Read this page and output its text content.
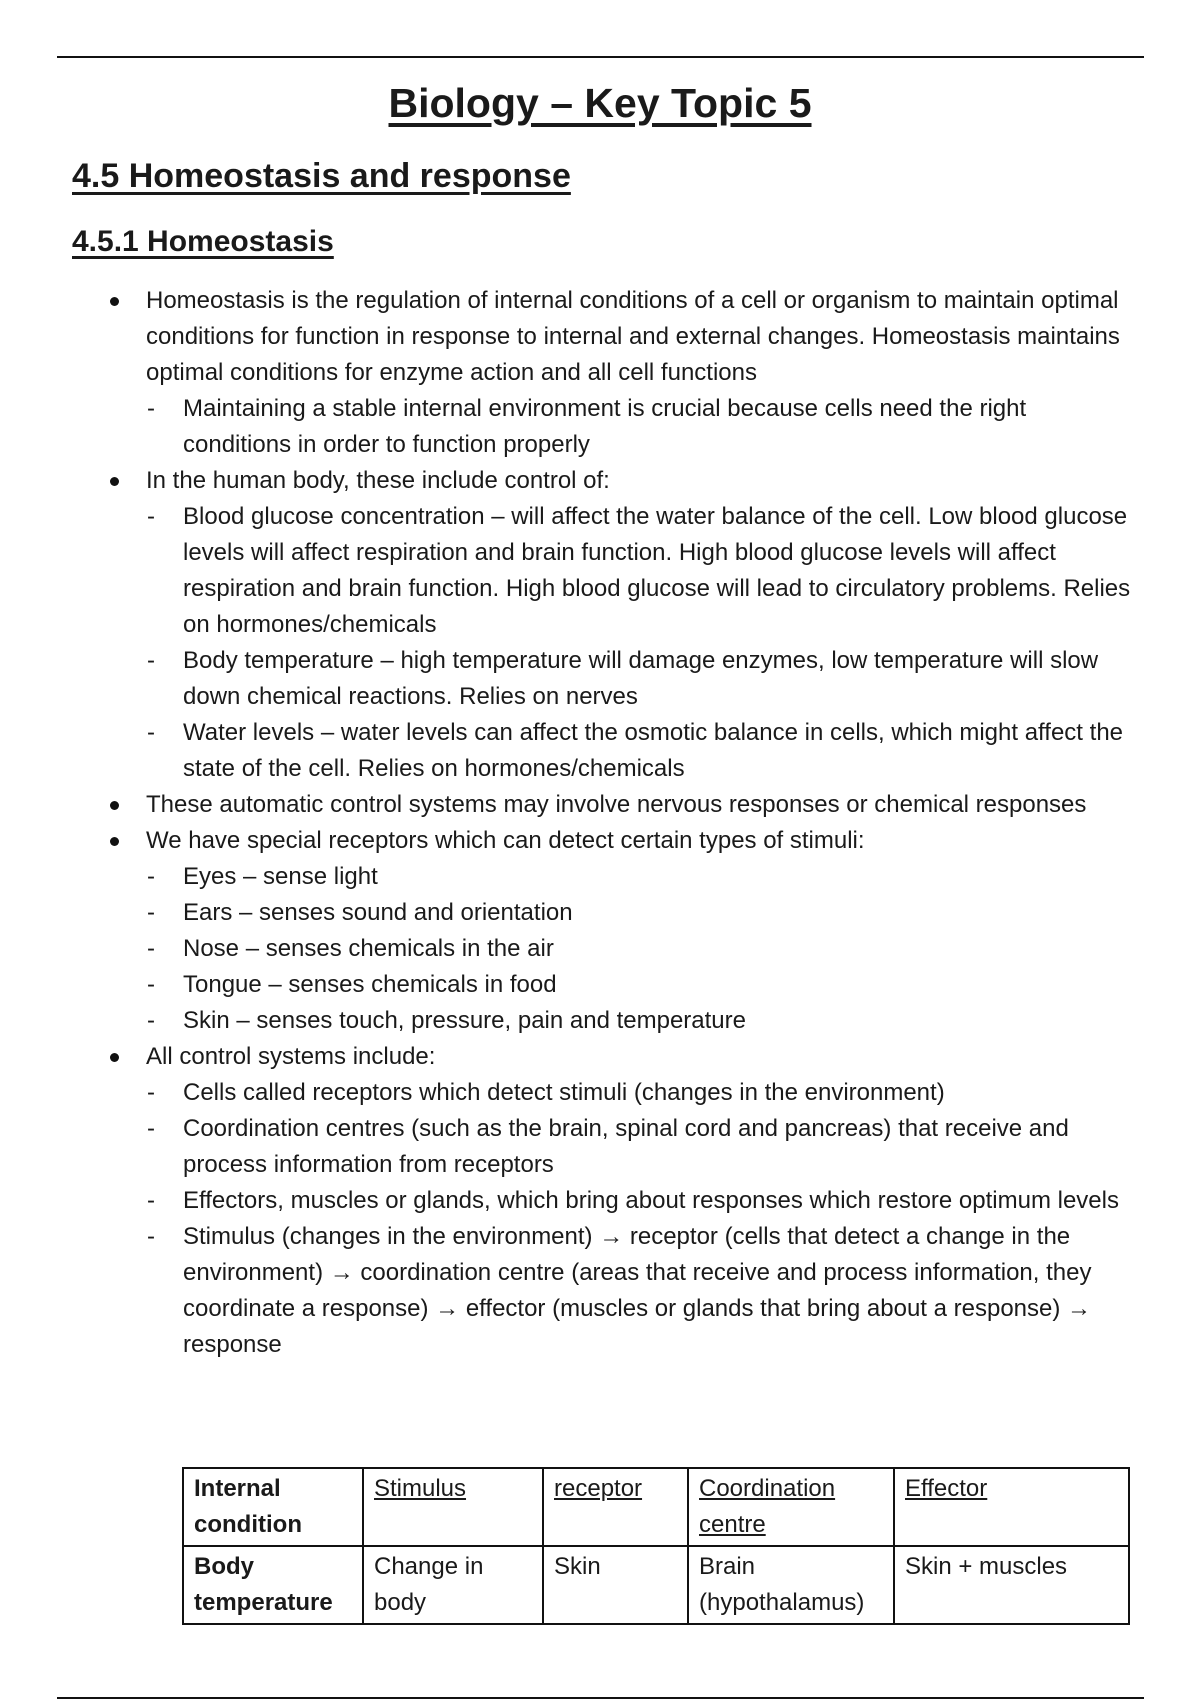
Biology – Key Topic 5
4.5 Homeostasis and response
4.5.1 Homeostasis

Homeostasis is the regulation of internal conditions of a cell or organism to maintain optimal conditions for function in response to internal and external changes. Homeostasis maintains optimal conditions for enzyme action and all cell functions

- Maintaining a stable internal environment is crucial because cells need the right conditions in order to function properly

In the human body, these include control of:

- Blood glucose concentration – will affect the water balance of the cell. Low blood glucose levels will affect respiration and brain function. High blood glucose levels will affect respiration and brain function. High blood glucose will lead to circulatory problems. Relies on hormones/chemicals

- Body temperature – high temperature will damage enzymes, low temperature will slow down chemical reactions. Relies on nerves

- Water levels – water levels can affect the osmotic balance in cells, which might affect the state of the cell. Relies on hormones/chemicals

These automatic control systems may involve nervous responses or chemical responses

We have special receptors which can detect certain types of stimuli:

- Eyes – sense light

- Ears – senses sound and orientation

- Nose – senses chemicals in the air

- Tongue – senses chemicals in food

- Skin – senses touch, pressure, pain and temperature

All control systems include:

- Cells called receptors which detect stimuli (changes in the environment)

- Coordination centres (such as the brain, spinal cord and pancreas) that receive and process information from receptors

- Effectors, muscles or glands, which bring about responses which restore optimum levels

- Stimulus (changes in the environment) → receptor (cells that detect a change in the environment) → coordination centre (areas that receive and process information, they coordinate a response) → effector (muscles or glands that bring about a response) → response

Internal condition	Stimulus	receptor	Coordination centre	Effector
Body temperature	Change in body	Skin	Brain (hypothalamus)	Skin + muscles
